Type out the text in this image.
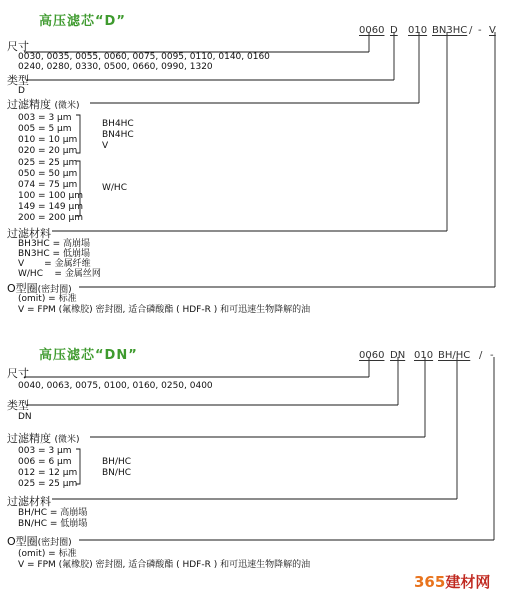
高压滤芯“D”
0060 D 010 BN3HC / - V
尺寸
0030, 0035, 0055, 0060, 0075, 0095, 0110, 0140, 0160
0240, 0280, 0330, 0500, 0660, 0990, 1320
类型
D
过滤精度 (微米)
003 = 3 μm
005 = 5 μm
010 = 10 μm
020 = 20 μm
BH4HC
BN4HC
V
025 = 25 μm
050 = 50 μm
074 = 75 μm
100 = 100 μm
149 = 149 μm
200 = 200 μm
W/HC
过滤材料
BH3HC = 高崩塌
BN3HC = 低崩塌
V       = 金属纤维
W/HC    = 金属丝网
O型圈(密封圈)
(omit) = 标准
V = FPM (氟橡胶) 密封圈, 适合磷酸酯 ( HDF-R ) 和可迅速生物降解的油
高压滤芯“DN”	0060 DN 010 BH/HC / -
尺寸
0040, 0063, 0075, 0100, 0160, 0250, 0400
类型
DN
过滤精度 (微米)
003 = 3 μm
006 = 6 μm
012 = 12 μm
025 = 25 μm
BH/HC
BN/HC
过滤材料
BH/HC = 高崩塌
BN/HC = 低崩塌
O型圈(密封圈)
(omit) = 标准
V = FPM (氟橡胶) 密封圈, 适合磷酸酯 ( HDF-R ) 和可迅速生物降解的油
365建材网
